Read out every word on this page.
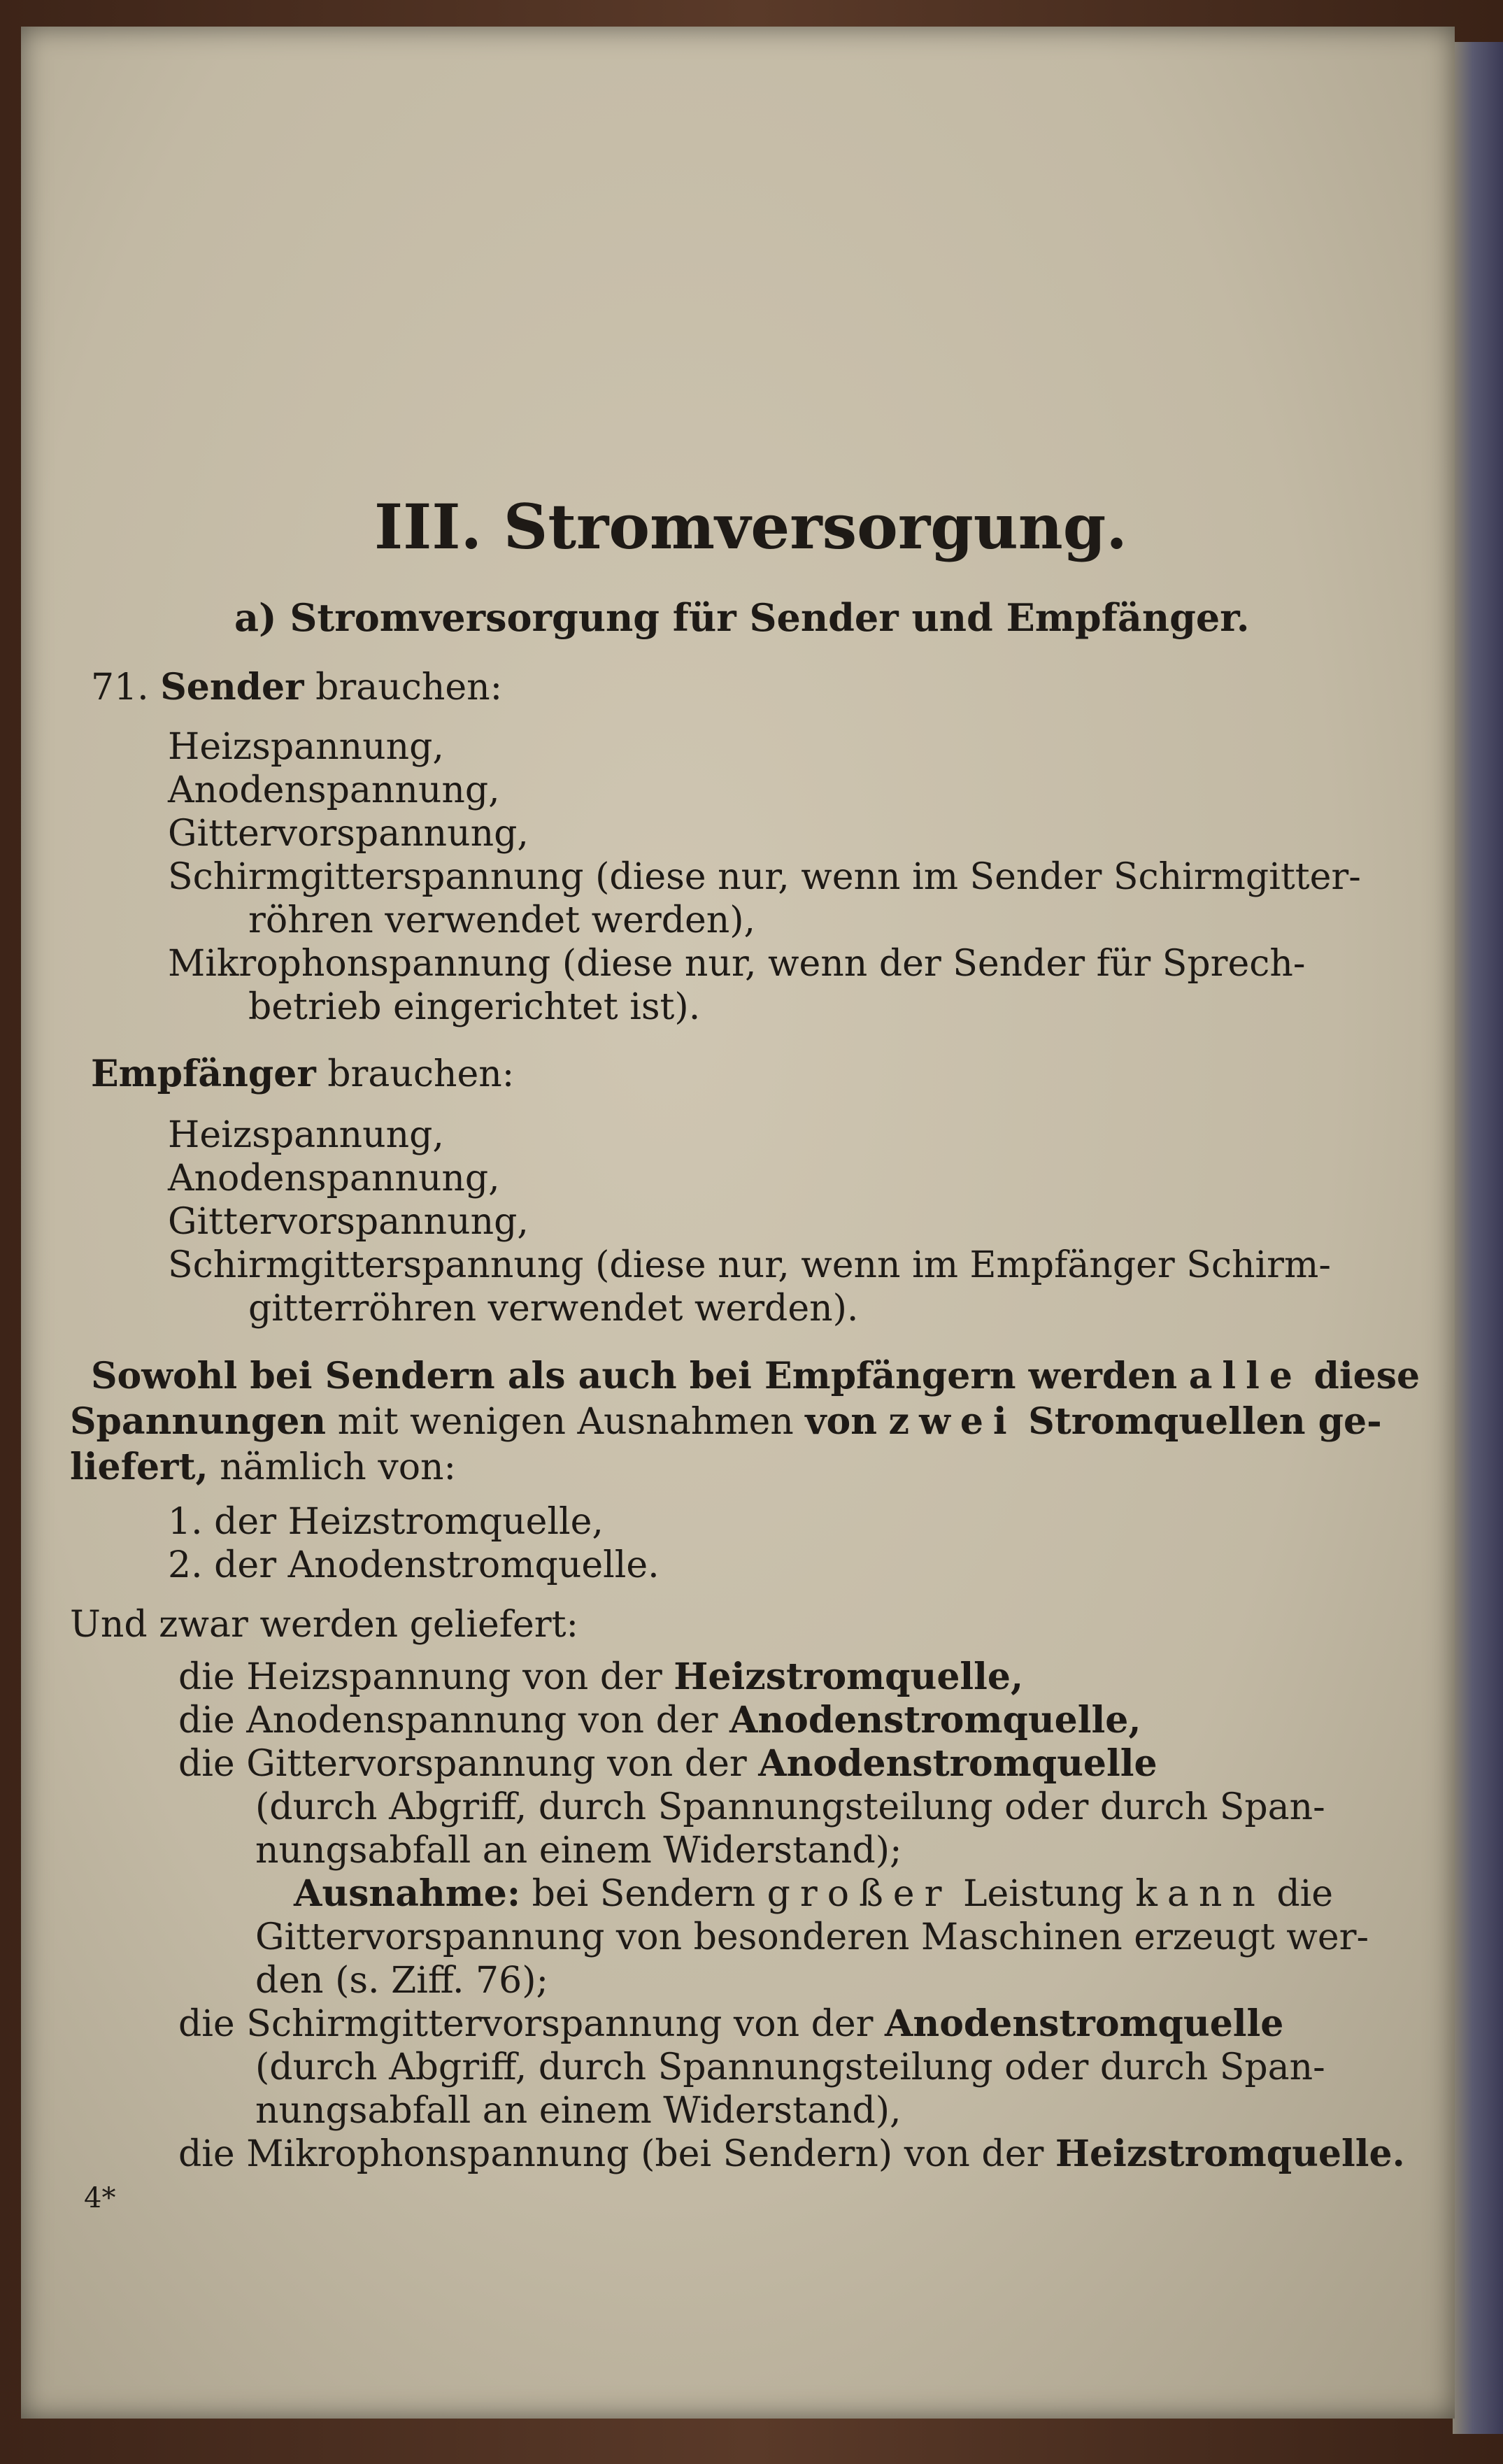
III. Stromversorgung.
a) Stromversorgung für Sender und Empfänger.
71. Sender brauchen:
Heizspannung,
Anodenspannung,
Gittervorspannung,
Schirmgitterspannung (diese nur, wenn im Sender Schirmgitter-
röhren verwendet werden),
Mikrophonspannung (diese nur, wenn der Sender für Sprech-
betrieb eingerichtet ist).
Empfänger brauchen:
Heizspannung,
Anodenspannung,
Gittervorspannung,
Schirmgitterspannung (diese nur, wenn im Empfänger Schirm-
gitterröhren verwendet werden).
Sowohl bei Sendern als auch bei Empfängern werden alle diese
Spannungen mit wenigen Ausnahmen von zwei Stromquellen ge-
liefert, nämlich von:
1. der Heizstromquelle,
2. der Anodenstromquelle.
Und zwar werden geliefert:
die Heizspannung von der Heizstromquelle,
die Anodenspannung von der Anodenstromquelle,
die Gittervorspannung von der Anodenstromquelle
(durch Abgriff, durch Spannungsteilung oder durch Span-
nungsabfall an einem Widerstand);
Ausnahme: bei Sendern großer Leistung kann die
Gittervorspannung von besonderen Maschinen erzeugt wer-
den (s. Ziff. 76);
die Schirmgittervorspannung von der Anodenstromquelle
(durch Abgriff, durch Spannungsteilung oder durch Span-
nungsabfall an einem Widerstand),
die Mikrophonspannung (bei Sendern) von der Heizstromquelle.
4*
